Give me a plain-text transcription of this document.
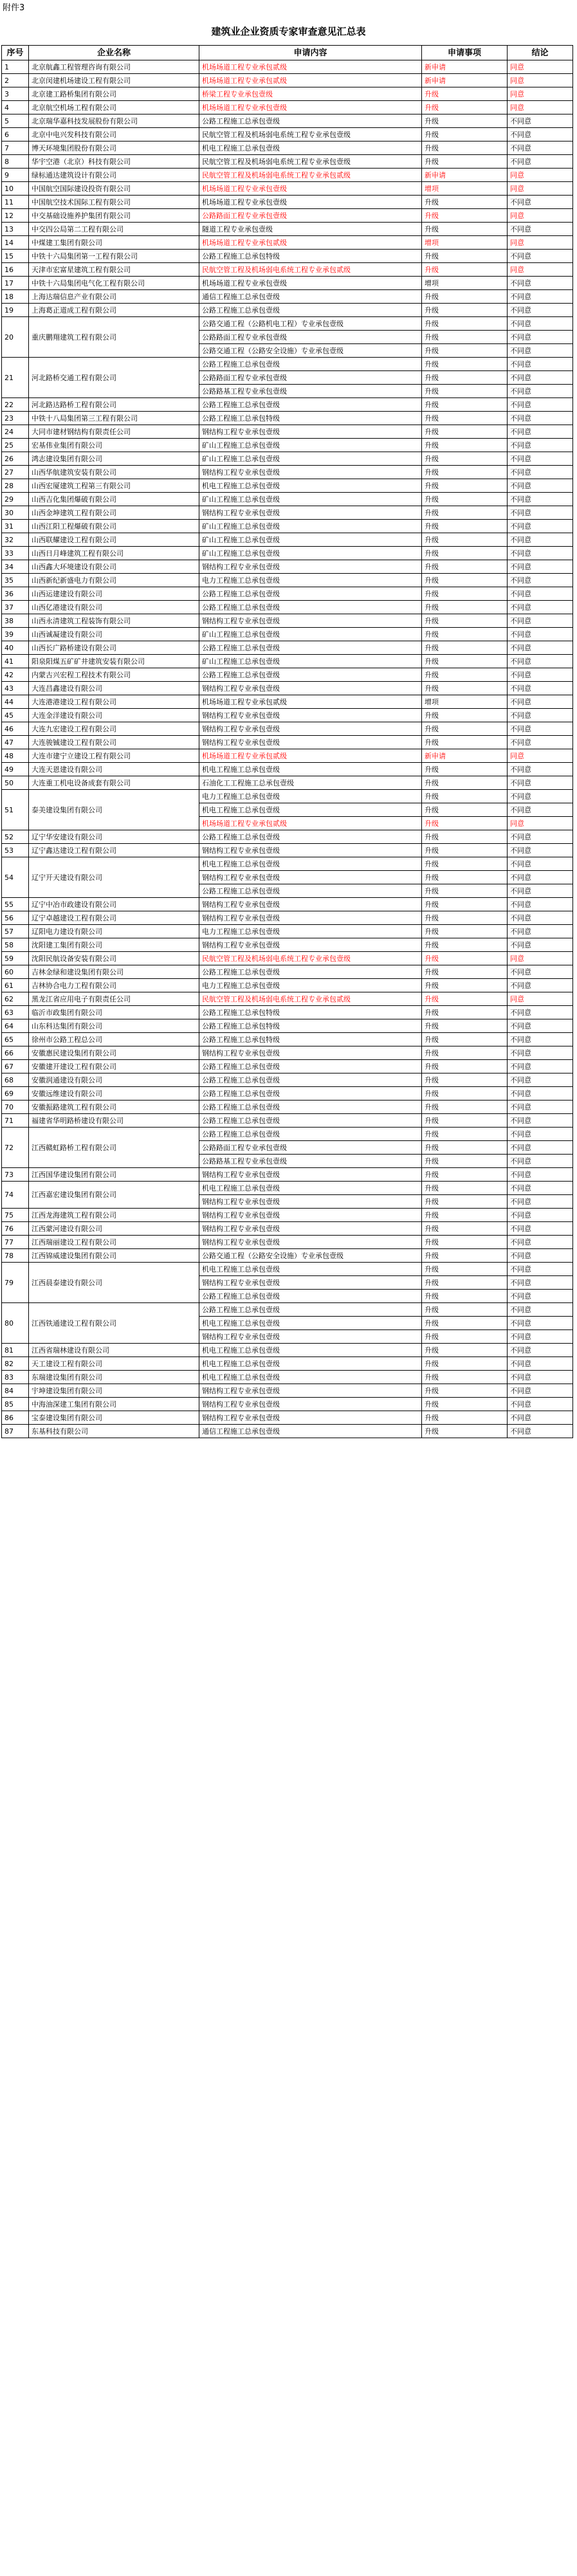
附件3
建筑业企业资质专家审查意见汇总表
序号	企业名称	申请内容	申请事项	结论
1	北京航鑫工程管理咨询有限公司	机场场道工程专业承包贰级	新申请	同意
2	北京闵建机场建设工程有限公司	机场场道工程专业承包贰级	新申请	同意
3	北京建工路桥集团有限公司	桥梁工程专业承包壹级	升级	同意
4	北京航空机场工程有限公司	机场场道工程专业承包壹级	升级	同意
5	北京瑞华嘉科技发展股份有限公司	公路工程施工总承包壹级	升级	不同意
6	北京中电兴发科技有限公司	民航空管工程及机场弱电系统工程专业承包壹级	升级	不同意
7	博天环境集团股份有限公司	机电工程施工总承包壹级	升级	不同意
8	华宇空港（北京）科技有限公司	民航空管工程及机场弱电系统工程专业承包壹级	升级	不同意
9	绿标通达建筑设计有限公司	民航空管工程及机场弱电系统工程专业承包贰级	新申请	同意
10	中国航空国际建设投资有限公司	机场场道工程专业承包壹级	增项	同意
11	中国航空技术国际工程有限公司	机场场道工程专业承包壹级	升级	不同意
12	中交基础设施养护集团有限公司	公路路面工程专业承包壹级	升级	同意
13	中交四公局第二工程有限公司	隧道工程专业承包壹级	升级	不同意
14	中煤建工集团有限公司	机场场道工程专业承包贰级	增项	同意
15	中铁十六局集团第一工程有限公司	公路工程施工总承包特级	升级	不同意
16	天津市宏富星建筑工程有限公司	民航空管工程及机场弱电系统工程专业承包贰级	升级	同意
17	中铁十六局集团电气化工程有限公司	机场场道工程专业承包壹级	增项	不同意
18	上海达瑞信息产业有限公司	通信工程施工总承包壹级	升级	不同意
19	上海葛正道成工程有限公司	公路工程施工总承包壹级	升级	不同意
20	重庆鹏翔建筑工程有限公司	公路交通工程（公路机电工程）专业承包壹级	升级	不同意
		公路路面工程专业承包壹级	升级	不同意
		公路交通工程（公路安全设施）专业承包壹级	升级	不同意
21	河北路桥交通工程有限公司	公路工程施工总承包壹级	升级	不同意
		公路路面工程专业承包壹级	升级	不同意
		公路路基工程专业承包壹级	升级	不同意
22	河北路达路桥工程有限公司	公路工程施工总承包壹级	升级	不同意
23	中铁十八局集团第三工程有限公司	公路工程施工总承包特级	升级	不同意
24	大同市建材钢结构有限责任公司	钢结构工程专业承包壹级	升级	不同意
25	宏基伟业集团有限公司	矿山工程施工总承包壹级	升级	不同意
26	鸿志建设集团有限公司	矿山工程施工总承包壹级	升级	不同意
27	山西华航建筑安装有限公司	钢结构工程专业承包壹级	升级	不同意
28	山西宏厦建筑工程第三有限公司	机电工程施工总承包壹级	升级	不同意
29	山西吉化集团爆破有限公司	矿山工程施工总承包壹级	升级	不同意
30	山西金坤建筑工程有限公司	钢结构工程专业承包壹级	升级	不同意
31	山西江阳工程爆破有限公司	矿山工程施工总承包壹级	升级	不同意
32	山西联耀建设工程有限公司	矿山工程施工总承包壹级	升级	不同意
33	山西日月峰建筑工程有限公司	矿山工程施工总承包壹级	升级	不同意
34	山西鑫大环境建设有限公司	钢结构工程专业承包壹级	升级	不同意
35	山西新纪新盛电力有限公司	电力工程施工总承包壹级	升级	不同意
36	山西运建建设有限公司	公路工程施工总承包壹级	升级	不同意
37	山西亿港建设有限公司	公路工程施工总承包壹级	升级	不同意
38	山西永清建筑工程装饰有限公司	钢结构工程专业承包壹级	升级	不同意
39	山西诚凝建设有限公司	矿山工程施工总承包壹级	升级	不同意
40	山西长广路桥建设有限公司	公路工程施工总承包壹级	升级	不同意
41	阳泉阳煤五矿矿井建筑安装有限公司	矿山工程施工总承包壹级	升级	不同意
42	内蒙古兴宏程工程技术有限公司	公路工程施工总承包壹级	升级	不同意
43	大连昌鑫建设有限公司	钢结构工程专业承包壹级	升级	不同意
44	大连港港建设工程有限公司	机场场道工程专业承包贰级	增项	不同意
45	大连金洋建设有限公司	钢结构工程专业承包壹级	升级	不同意
46	大连九宏建设工程有限公司	钢结构工程专业承包壹级	升级	不同意
47	大连骏铖建设工程有限公司	钢结构工程专业承包壹级	升级	不同意
48	大连市建宁立建设工程有限公司	机场场道工程专业承包贰级	新申请	同意
49	大连天恩建设有限公司	机电工程施工总承包壹级	升级	不同意
50	大连重工机电设备成套有限公司	石油化工工程施工总承包壹级	升级	不同意
51	泰美建设集团有限公司	电力工程施工总承包壹级	升级	不同意
		机电工程施工总承包壹级	升级	不同意
		机场场道工程专业承包贰级	升级	同意
52	辽宁华安建设有限公司	公路工程施工总承包壹级	升级	不同意
53	辽宁鑫达建设工程有限公司	钢结构工程专业承包壹级	升级	不同意
54	辽宁开天建设有限公司	机电工程施工总承包壹级	升级	不同意
		钢结构工程专业承包壹级	升级	不同意
		公路工程施工总承包壹级	升级	不同意
55	辽宁中冶市政建设有限公司	钢结构工程专业承包壹级	升级	不同意
56	辽宁卓越建设工程有限公司	钢结构工程专业承包壹级	升级	不同意
57	辽阳电力建设有限公司	电力工程施工总承包壹级	升级	不同意
58	沈阳建工集团有限公司	钢结构工程专业承包壹级	升级	不同意
59	沈阳民航设备安装有限公司	民航空管工程及机场弱电系统工程专业承包壹级	升级	同意
60	吉林金绿和建设集团有限公司	公路工程施工总承包壹级	升级	不同意
61	吉林协合电力工程有限公司	电力工程施工总承包壹级	升级	不同意
62	黑龙江省应用电子有限责任公司	民航空管工程及机场弱电系统工程专业承包贰级	升级	同意
63	临沂市政集团有限公司	公路工程施工总承包特级	升级	不同意
64	山东科达集团有限公司	公路工程施工总承包特级	升级	不同意
65	徐州市公路工程总公司	公路工程施工总承包特级	升级	不同意
66	安徽惠民建设集团有限公司	钢结构工程专业承包壹级	升级	不同意
67	安徽建开建设工程有限公司	公路工程施工总承包壹级	升级	不同意
68	安徽润通建设有限公司	公路工程施工总承包壹级	升级	不同意
69	安徽远维建设有限公司	公路工程施工总承包壹级	升级	不同意
70	安徽振路建筑工程有限公司	公路工程施工总承包壹级	升级	不同意
71	福建省华明路桥建设有限公司	公路工程施工总承包壹级	升级	不同意
72	江西赣虹路桥工程有限公司	公路工程施工总承包壹级	升级	不同意
		公路路面工程专业承包壹级	升级	不同意
		公路路基工程专业承包壹级	升级	不同意
73	江西国华建设集团有限公司	钢结构工程专业承包壹级	升级	不同意
74	江西嘉宏建设集团有限公司	机电工程施工总承包壹级	升级	不同意
		钢结构工程专业承包壹级	升级	不同意
75	江西龙海建筑工程有限公司	钢结构工程专业承包壹级	升级	不同意
76	江西蒙河建设有限公司	钢结构工程专业承包壹级	升级	不同意
77	江西瑞丽建设工程有限公司	钢结构工程专业承包壹级	升级	不同意
78	江西锦威建设集团有限公司	公路交通工程（公路安全设施）专业承包壹级	升级	不同意
79	江西晨泰建设有限公司	机电工程施工总承包壹级	升级	不同意
		钢结构工程专业承包壹级	升级	不同意
		公路工程施工总承包壹级	升级	不同意
80	江西铁通建设工程有限公司	公路工程施工总承包壹级	升级	不同意
		机电工程施工总承包壹级	升级	不同意
		钢结构工程专业承包壹级	升级	不同意
81	江西省瑞林建设有限公司	机电工程施工总承包壹级	升级	不同意
82	天工建设工程有限公司	机电工程施工总承包壹级	升级	不同意
83	东瑞建设集团有限公司	机电工程施工总承包壹级	升级	不同意
84	宇坤建设集团有限公司	钢结构工程专业承包壹级	升级	不同意
85	中海油深建工集团有限公司	钢结构工程专业承包壹级	升级	不同意
86	宝泰建设集团有限公司	钢结构工程专业承包壹级	升级	不同意
87	东基科技有限公司	通信工程施工总承包壹级	升级	不同意
